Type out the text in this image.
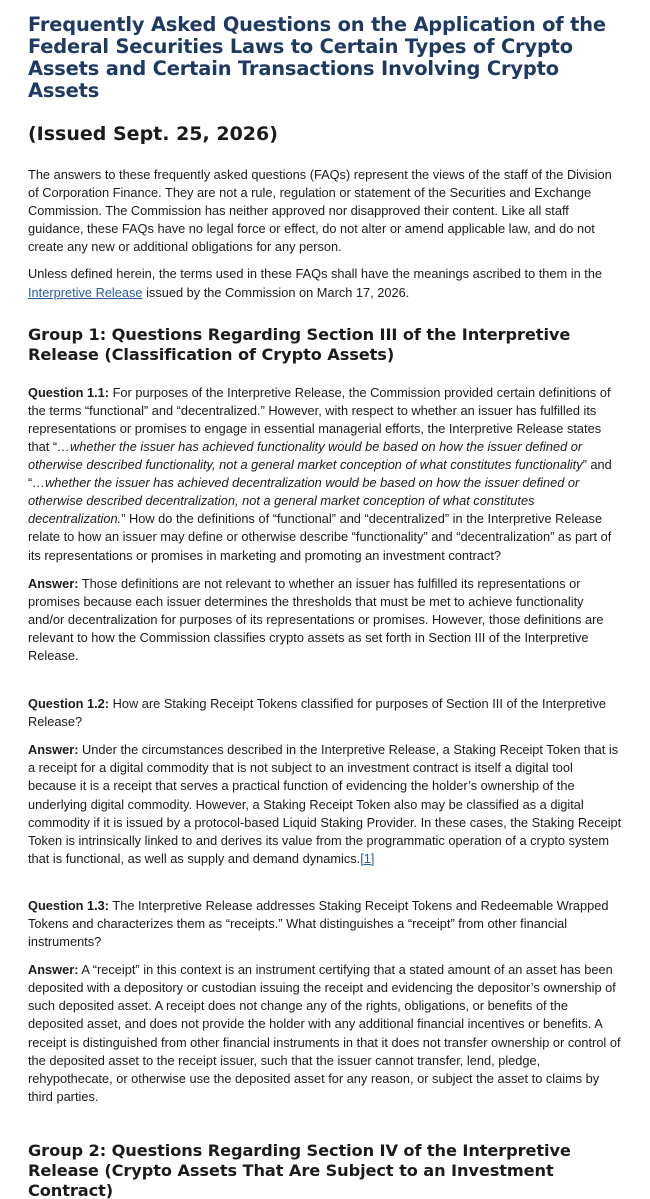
Frequently Asked Questions on the Application of the Federal Securities Laws to Certain Types of Crypto Assets and Certain Transactions Involving Crypto Assets
(Issued Sept. 25, 2026)

The answers to these frequently asked questions (FAQs) represent the views of the staff of the Division of Corporation Finance. They are not a rule, regulation or statement of the Securities and Exchange Commission. The Commission has neither approved nor disapproved their content. Like all staff guidance, these FAQs have no legal force or effect, do not alter or amend applicable law, and do not create any new or additional obligations for any person.

Unless defined herein, the terms used in these FAQs shall have the meanings ascribed to them in the Interpretive Release issued by the Commission on March 17, 2026.

Group 1: Questions Regarding Section III of the Interpretive Release (Classification of Crypto Assets)

Question 1.1: For purposes of the Interpretive Release, the Commission provided certain definitions of the terms “functional” and “decentralized.” However, with respect to whether an issuer has fulfilled its representations or promises to engage in essential managerial efforts, the Interpretive Release states that “…whether the issuer has achieved functionality would be based on how the issuer defined or otherwise described functionality, not a general market conception of what constitutes functionality” and “…whether the issuer has achieved decentralization would be based on how the issuer defined or otherwise described decentralization, not a general market conception of what constitutes decentralization.” How do the definitions of “functional” and “decentralized” in the Interpretive Release relate to how an issuer may define or otherwise describe “functionality” and “decentralization” as part of its representations or promises in marketing and promoting an investment contract?

Answer: Those definitions are not relevant to whether an issuer has fulfilled its representations or promises because each issuer determines the thresholds that must be met to achieve functionality and/or decentralization for purposes of its representations or promises. However, those definitions are relevant to how the Commission classifies crypto assets as set forth in Section III of the Interpretive Release.

Question 1.2: How are Staking Receipt Tokens classified for purposes of Section III of the Interpretive Release?

Answer: Under the circumstances described in the Interpretive Release, a Staking Receipt Token that is a receipt for a digital commodity that is not subject to an investment contract is itself a digital tool because it is a receipt that serves a practical function of evidencing the holder’s ownership of the underlying digital commodity. However, a Staking Receipt Token also may be classified as a digital commodity if it is issued by a protocol-based Liquid Staking Provider. In these cases, the Staking Receipt Token is intrinsically linked to and derives its value from the programmatic operation of a crypto system that is functional, as well as supply and demand dynamics.[1]

Question 1.3: The Interpretive Release addresses Staking Receipt Tokens and Redeemable Wrapped Tokens and characterizes them as “receipts.” What distinguishes a “receipt” from other financial instruments?

Answer: A “receipt” in this context is an instrument certifying that a stated amount of an asset has been deposited with a depository or custodian issuing the receipt and evidencing the depositor’s ownership of such deposited asset. A receipt does not change any of the rights, obligations, or benefits of the deposited asset, and does not provide the holder with any additional financial incentives or benefits. A receipt is distinguished from other financial instruments in that it does not transfer ownership or control of the deposited asset to the receipt issuer, such that the issuer cannot transfer, lend, pledge, rehypothecate, or otherwise use the deposited asset for any reason, or subject the asset to claims by third parties.

Group 2: Questions Regarding Section IV of the Interpretive Release (Crypto Assets That Are Subject to an Investment Contract)
